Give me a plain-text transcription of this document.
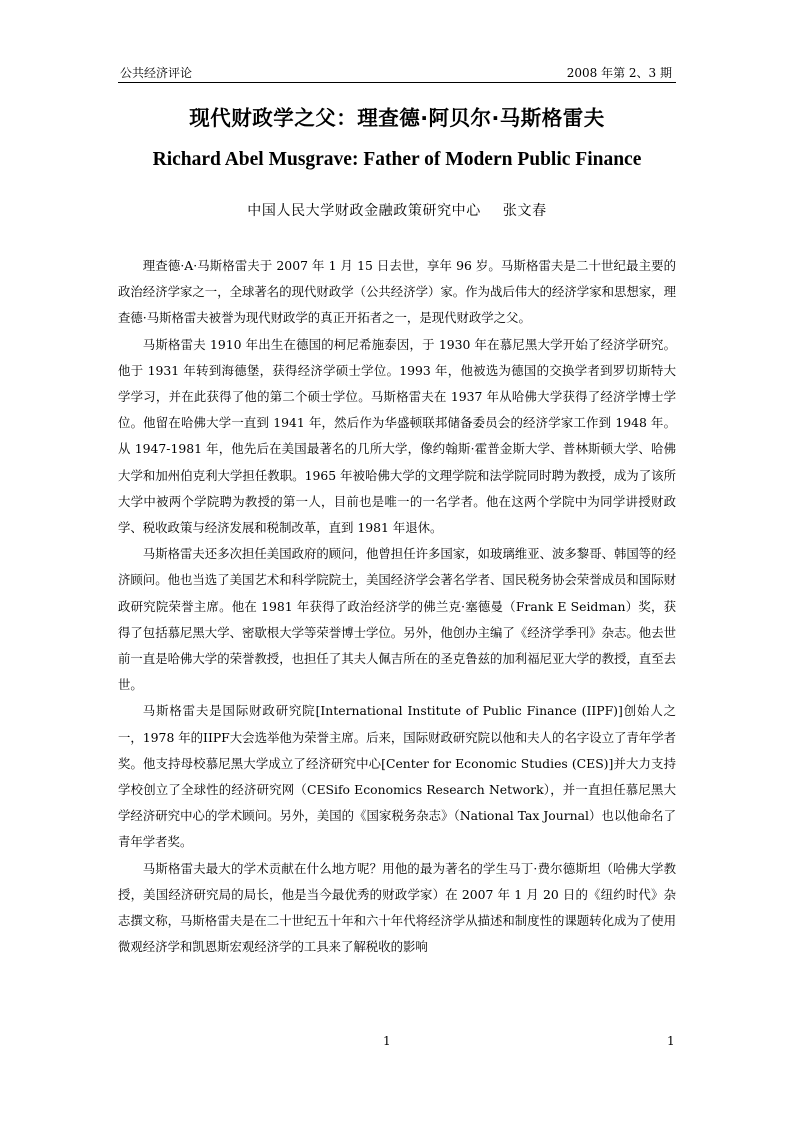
公共经济评论	2008 年第 2、3 期
现代财政学之父：理查德·阿贝尔·马斯格雷夫
Richard Abel Musgrave: Father of Modern Public Finance
中国人民大学财政金融政策研究中心 张文春

理查德·A·马斯格雷夫于 2007 年 1 月 15 日去世，享年 96 岁。马斯格雷夫是二十世纪最主要的政治经济学家之一，全球著名的现代财政学（公共经济学）家。作为战后伟大的经济学家和思想家，理查德·马斯格雷夫被誉为现代财政学的真正开拓者之一，是现代财政学之父。

马斯格雷夫 1910 年出生在德国的柯尼希施泰因，于 1930 年在慕尼黑大学开始了经济学研究。他于 1931 年转到海德堡，获得经济学硕士学位。1993 年，他被选为德国的交换学者到罗切斯特大学学习，并在此获得了他的第二个硕士学位。马斯格雷夫在 1937 年从哈佛大学获得了经济学博士学位。他留在哈佛大学一直到 1941 年，然后作为华盛顿联邦储备委员会的经济学家工作到 1948 年。从 1947-1981 年，他先后在美国最著名的几所大学，像约翰斯·霍普金斯大学、普林斯顿大学、哈佛大学和加州伯克利大学担任教职。1965 年被哈佛大学的文理学院和法学院同时聘为教授，成为了该所大学中被两个学院聘为教授的第一人，目前也是唯一的一名学者。他在这两个学院中为同学讲授财政学、税收政策与经济发展和税制改革，直到 1981 年退休。

马斯格雷夫还多次担任美国政府的顾问，他曾担任许多国家，如玻璃维亚、波多黎哥、韩国等的经济顾问。他也当选了美国艺术和科学院院士，美国经济学会著名学者、国民税务协会荣誉成员和国际财政研究院荣誉主席。他在 1981 年获得了政治经济学的佛兰克·塞德曼（Frank E Seidman）奖，获得了包括慕尼黑大学、密歇根大学等荣誉博士学位。另外，他创办主编了《经济学季刊》杂志。他去世前一直是哈佛大学的荣誉教授，也担任了其夫人佩吉所在的圣克鲁兹的加利福尼亚大学的教授，直至去世。

马斯格雷夫是国际财政研究院[International Institute of Public Finance (IIPF)]创始人之一，1978 年的IIPF大会选举他为荣誉主席。后来，国际财政研究院以他和夫人的名字设立了青年学者奖。他支持母校慕尼黑大学成立了经济研究中心[Center for Economic Studies (CES)]并大力支持学校创立了全球性的经济研究网（CESifo Economics Research Network），并一直担任慕尼黑大学经济研究中心的学术顾问。另外，美国的《国家税务杂志》（National Tax Journal）也以他命名了青年学者奖。

马斯格雷夫最大的学术贡献在什么地方呢？用他的最为著名的学生马丁·费尔德斯坦（哈佛大学教授，美国经济研究局的局长，他是当今最优秀的财政学家）在 2007 年 1 月 20 日的《纽约时代》杂志撰文称，马斯格雷夫是在二十世纪五十年和六十年代将经济学从描述和制度性的课题转化成为了使用微观经济学和凯恩斯宏观经济学的工具来了解税收的影响

1	1
